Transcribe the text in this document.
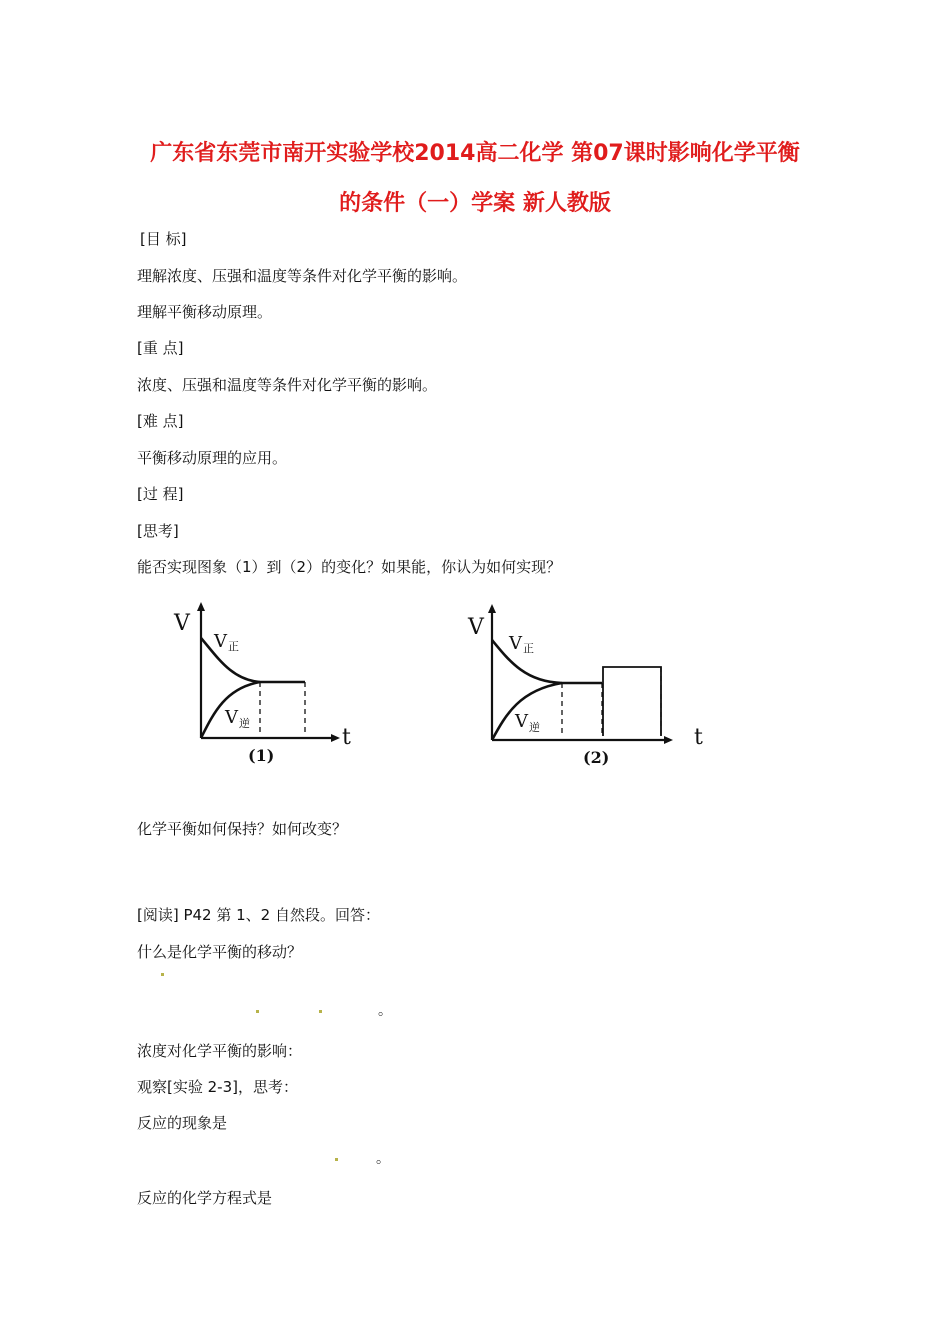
广东省东莞市南开实验学校2014高二化学 第07课时影响化学平衡
的条件（一）学案 新人教版
[目 标]
理解浓度、压强和温度等条件对化学平衡的影响。
理解平衡移动原理。
[重 点]
浓度、压强和温度等条件对化学平衡的影响。
[难 点]
平衡移动原理的应用。
[过 程]
[思考]
能否实现图象（1）到（2）的变化？如果能，你认为如何实现？
V
t
V 正
V 逆
(1)
V
t
V 正
V 逆
(2)
化学平衡如何保持？如何改变？
[阅读] P42 第 1、2 自然段。回答：
什么是化学平衡的移动？
。
浓度对化学平衡的影响：
观察[实验 2-3]，思考：
反应的现象是
。
反应的化学方程式是
